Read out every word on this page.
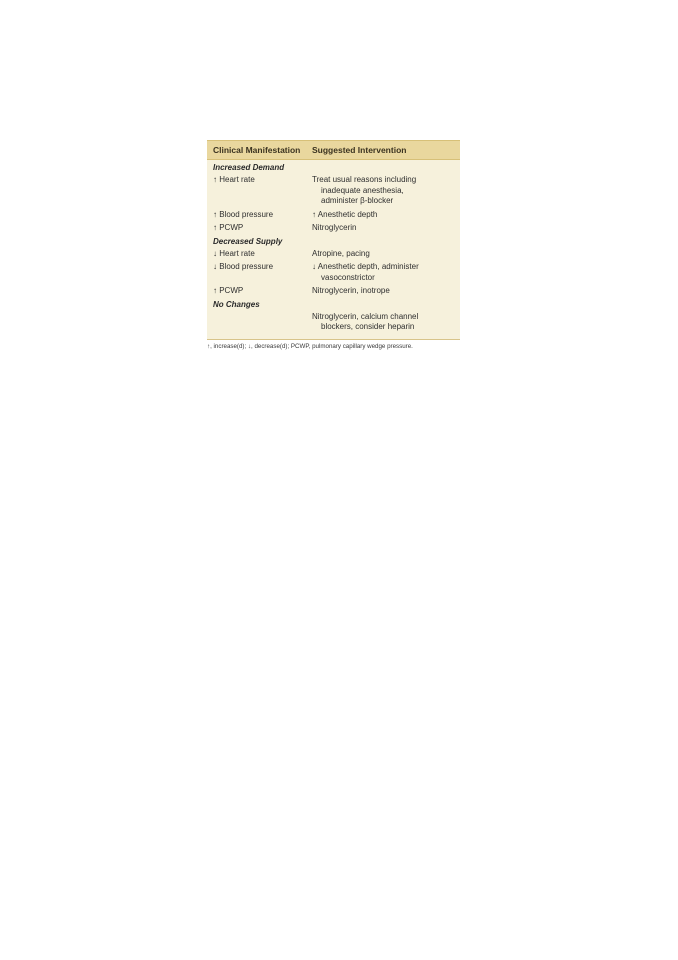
Clinical Manifestation	Suggested Intervention
Increased Demand
↑ Heart rate	Treat usual reasons including
inadequate anesthesia,
administer β-blocker
↑ Blood pressure	↑ Anesthetic depth
↑ PCWP	Nitroglycerin
Decreased Supply
↓ Heart rate	Atropine, pacing
↓ Blood pressure	↓ Anesthetic depth, administer
vasoconstrictor
↑ PCWP	Nitroglycerin, inotrope
No Changes
Nitroglycerin, calcium channel
blockers, consider heparin
↑, increase(d); ↓, decrease(d); PCWP, pulmonary capillary wedge pressure.
